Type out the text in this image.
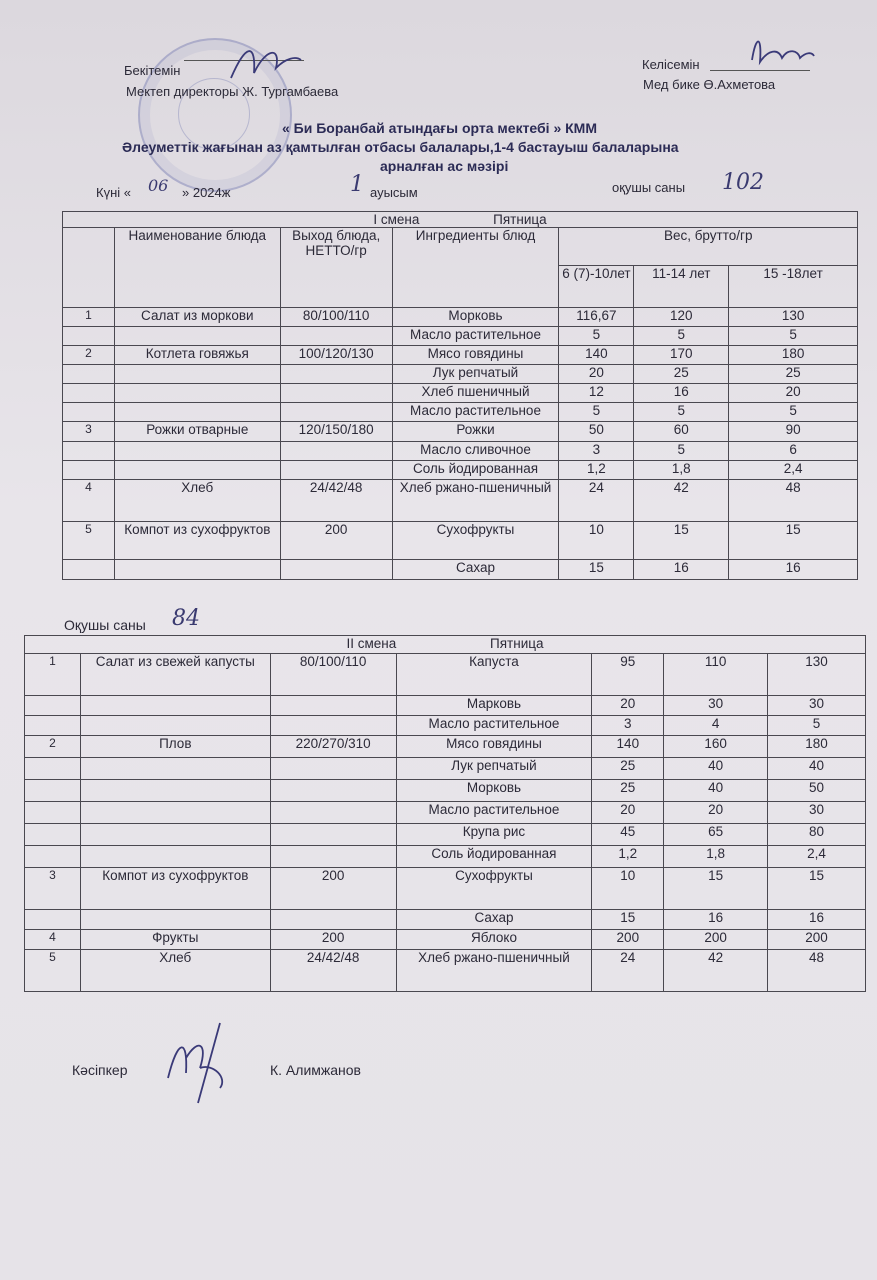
Бекітемін
Мектеп директоры Ж. Тургамбаева
Келісемін
Мед бике Ө.Ахметова
« Би Боранбай атындағы орта мектебі » КММ
Әлеуметтік жағынан аз қамтылған отбасы балалары,1-4 бастауыш балаларына
арналған ас мәзірі
Күні « 06 » 2024ж	1 ауысым	оқушы саны 102
I смена Пятница						
	Наименование блюда	Выход блюда, НЕТТО/гр	Ингредиенты блюд	Вес, брутто/гр		
				6 (7)-10лет	11-14 лет	15 -18лет
1	Салат из моркови	80/100/110	Морковь	116,67	120	130
			Масло растительное	5	5	5
2	Котлета говяжья	100/120/130	Мясо говядины	140	170	180
			Лук репчатый	20	25	25
			Хлеб пшеничный	12	16	20
			Масло растительное	5	5	5
3	Рожки отварные	120/150/180	Рожки	50	60	90
			Масло сливочное	3	5	6
			Соль йодированная	1,2	1,8	2,4
4	Хлеб	24/42/48	Хлеб ржано-пшеничный	24	42	48
5	Компот из сухофруктов	200	Сухофрукты	10	15	15
			Сахар	15	16	16
Оқушы саны 84
II смена Пятница						
1	Салат из свежей капусты	80/100/110	Капуста	95	110	130
			Марковь	20	30	30
			Масло растительное	3	4	5
2	Плов	220/270/310	Мясо говядины	140	160	180
			Лук репчатый	25	40	40
			Морковь	25	40	50
			Масло растительное	20	20	30
			Крупа рис	45	65	80
			Соль йодированная	1,2	1,8	2,4
3	Компот из сухофруктов	200	Сухофрукты	10	15	15
			Сахар	15	16	16
4	Фрукты	200	Яблоко	200	200	200
5	Хлеб	24/42/48	Хлеб ржано-пшеничный	24	42	48
Кәсіпкер	К. Алимжанов
